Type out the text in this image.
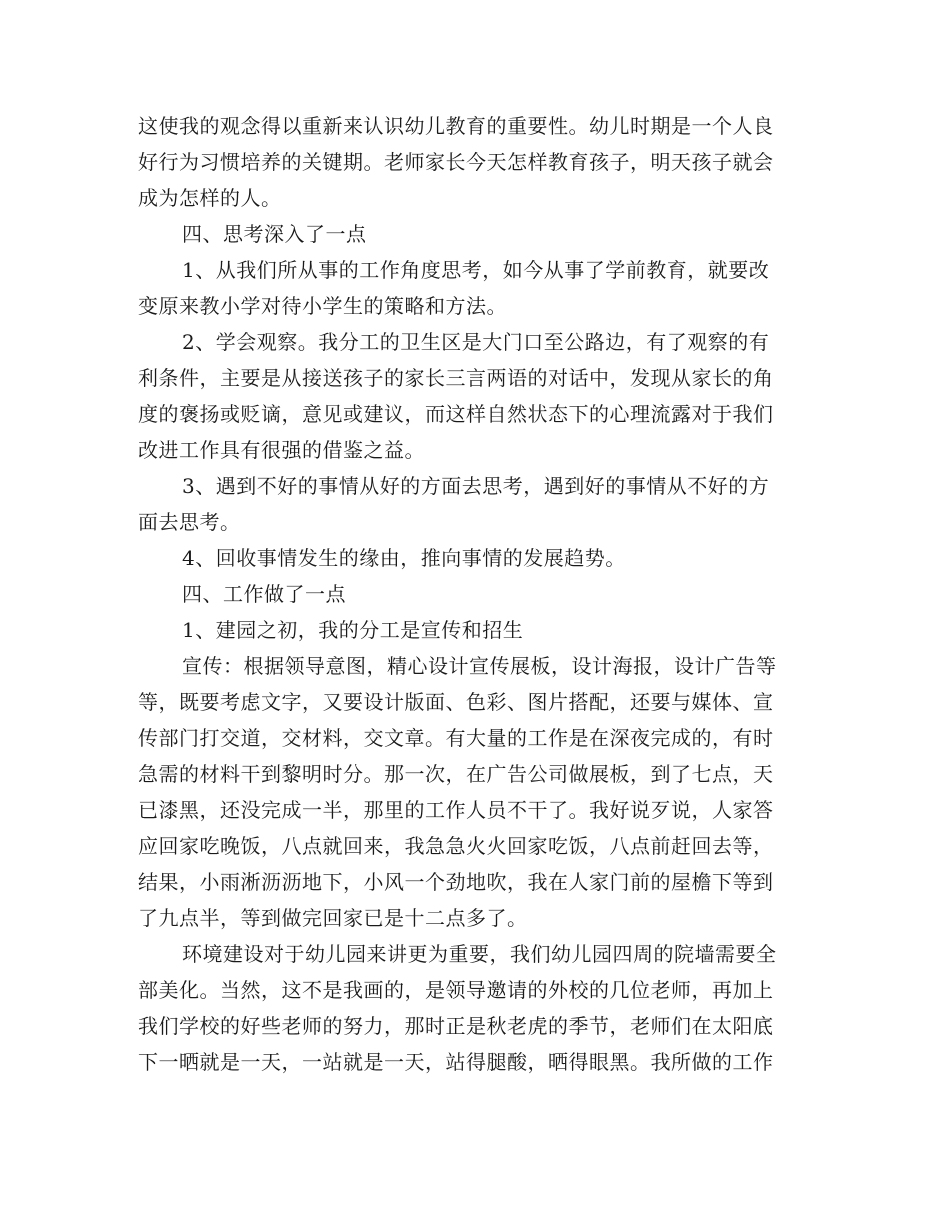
这使我的观念得以重新来认识幼儿教育的重要性。幼儿时期是一个人良
好行为习惯培养的关键期。老师家长今天怎样教育孩子，明天孩子就会
成为怎样的人。
四、思考深入了一点
1、从我们所从事的工作角度思考，如今从事了学前教育，就要改
变原来教小学对待小学生的策略和方法。
2、学会观察。我分工的卫生区是大门口至公路边，有了观察的有
利条件，主要是从接送孩子的家长三言两语的对话中，发现从家长的角
度的褒扬或贬谪，意见或建议，而这样自然状态下的心理流露对于我们
改进工作具有很强的借鉴之益。
3、遇到不好的事情从好的方面去思考，遇到好的事情从不好的方
面去思考。
4、回收事情发生的缘由，推向事情的发展趋势。
四、工作做了一点
1、建园之初，我的分工是宣传和招生
宣传：根据领导意图，精心设计宣传展板，设计海报，设计广告等
等，既要考虑文字，又要设计版面、色彩、图片搭配，还要与媒体、宣
传部门打交道，交材料，交文章。有大量的工作是在深夜完成的，有时
急需的材料干到黎明时分。那一次，在广告公司做展板，到了七点，天
已漆黑，还没完成一半，那里的工作人员不干了。我好说歹说，人家答
应回家吃晚饭，八点就回来，我急急火火回家吃饭，八点前赶回去等，
结果，小雨淅沥沥地下，小风一个劲地吹，我在人家门前的屋檐下等到
了九点半，等到做完回家已是十二点多了。
环境建设对于幼儿园来讲更为重要，我们幼儿园四周的院墙需要全
部美化。当然，这不是我画的，是领导邀请的外校的几位老师，再加上
我们学校的好些老师的努力，那时正是秋老虎的季节，老师们在太阳底
下一晒就是一天，一站就是一天，站得腿酸，晒得眼黑。我所做的工作
